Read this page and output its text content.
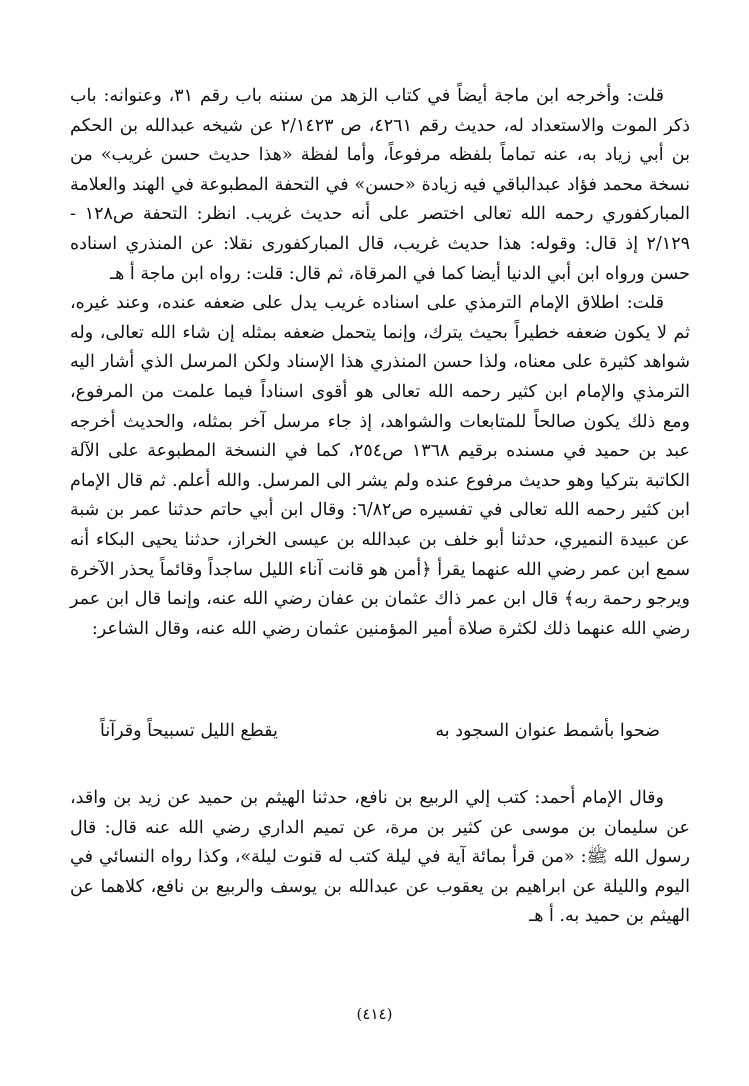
قلت: وأخرجه ابن ماجة أيضاً في كتاب الزهد من سننه باب رقم ٣١، وعنوانه: باب ذكر الموت والاستعداد له، حديث رقم ٤٢٦١، ص ٢/١٤٢٣ عن شيخه عبدالله بن الحكم بن أبي زياد به، عنه تماماً بلفظه مرفوعاً، وأما لفظة «هذا حديث حسن غريب» من نسخة محمد فؤاد عبدالباقي فيه زيادة «حسن» في التحفة المطبوعة في الهند والعلامة المباركفوري رحمه الله تعالى اختصر على أنه حديث غريب. انظر: التحفة ص١٢٨ - ٢/١٢٩ إذ قال: وقوله: هذا حديث غريب، قال المباركفورى نقلا: عن المنذري اسناده حسن ورواه ابن أبي الدنيا أيضا كما في المرقاة، ثم قال: قلت: رواه ابن ماجة أ هـ

قلت: اطلاق الإمام الترمذي على اسناده غريب يدل على ضعفه عنده، وعند غيره، ثم لا يكون ضعفه خطيراً بحيث يترك، وإنما يتحمل ضعفه بمثله إن شاء الله تعالى، وله شواهد كثيرة على معناه، ولذا حسن المنذري هذا الإسناد ولكن المرسل الذي أشار اليه الترمذي والإمام ابن كثير رحمه الله تعالى هو أقوى اسناداً فيما علمت من المرفوع، ومع ذلك يكون صالحاً للمتابعات والشواهد، إذ جاء مرسل آخر بمثله، والحديث أخرجه عبد بن حميد في مسنده برقيم ١٣٦٨ ص٢٥٤، كما في النسخة المطبوعة على الآلة الكاتبة بتركيا وهو حديث مرفوع عنده ولم يشر الى المرسل. والله أعلم. ثم قال الإمام ابن كثير رحمه الله تعالى في تفسيره ص٦/٨٢: وقال ابن أبي حاتم حدثنا عمر بن شبة عن عبيدة النميري، حدثنا أبو خلف بن عبدالله بن عيسى الخراز، حدثنا يحيى البكاء أنه سمع ابن عمر رضي الله عنهما يقرأ ﴿أمن هو قانت آناء الليل ساجداً وقائماً يحذر الآخرة ويرجو رحمة ربه﴾ قال ابن عمر ذاك عثمان بن عفان رضي الله عنه، وإنما قال ابن عمر رضي الله عنهما ذلك لكثرة صلاة أمير المؤمنين عثمان رضي الله عنه، وقال الشاعر:

ضحوا بأشمط عنوان السجود به
يقطع الليل تسبيحاً وقرآناً

وقال الإمام أحمد: كتب إلي الربيع بن نافع، حدثنا الهيثم بن حميد عن زيد بن واقد، عن سليمان بن موسى عن كثير بن مرة، عن تميم الداري رضي الله عنه قال: قال رسول الله ﷺ: «من قرأ بمائة آية في ليلة كتب له قنوت ليلة»، وكذا رواه النسائي في اليوم والليلة عن ابراهيم بن يعقوب عن عبدالله بن يوسف والربيع بن نافع، كلاهما عن الهيثم بن حميد به. أ هـ

(٤١٤)
